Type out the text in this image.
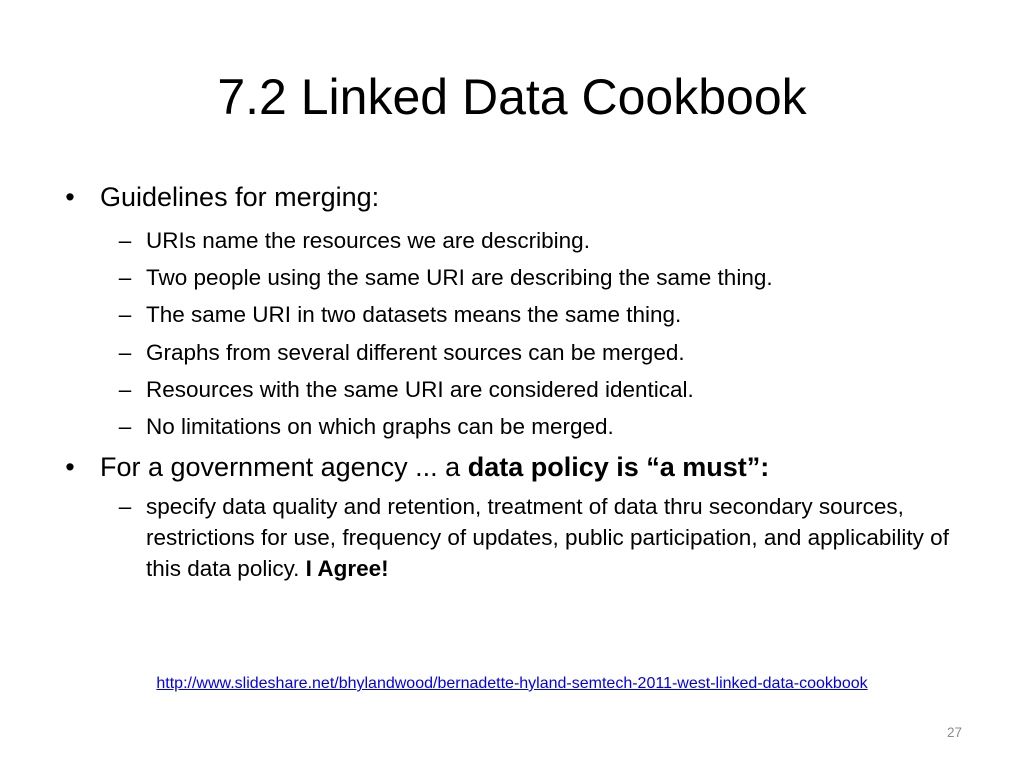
7.2 Linked Data Cookbook
• Guidelines for merging:
– URIs name the resources we are describing.
– Two people using the same URI are describing the same thing.
– The same URI in two datasets means the same thing.
– Graphs from several different sources can be merged.
– Resources with the same URI are considered identical.
– No limitations on which graphs can be merged.
• For a government agency ... a data policy is “a must”:
– specify data quality and retention, treatment of data thru secondary sources, restrictions for use, frequency of updates, public participation, and applicability of this data policy. I Agree!
http://www.slideshare.net/bhylandwood/bernadette-hyland-semtech-2011-west-linked-data-cookbook
27
